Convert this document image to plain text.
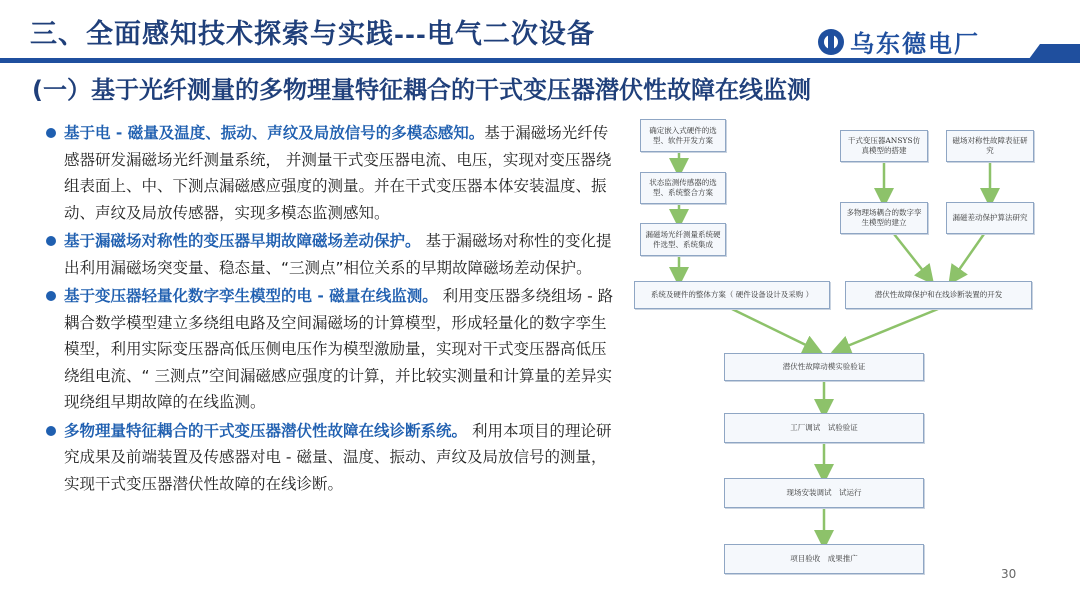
三、全面感知技术探索与实践---电气二次设备	乌东德电厂
(一）基于光纤测量的多物理量特征耦合的干式变压器潜伏性故障在线监测
基于电 - 磁量及温度、振动、声纹及局放信号的多模态感知。基于漏磁场光纤传感器研发漏磁场光纤测量系统， 并测量干式变压器电流、电压，实现对变压器绕组表面上、中、下测点漏磁感应强度的测量。并在干式变压器本体安装温度、振动、声纹及局放传感器，实现多模态监测感知。
基于漏磁场对称性的变压器早期故障磁场差动保护。 基于漏磁场对称性的变化提出利用漏磁场突变量、稳态量、“三测点”相位关系的早期故障磁场差动保护。
基于变压器轻量化数字孪生模型的电 - 磁量在线监测。 利用变压器多绕组场 - 路耦合数学模型建立多绕组电路及空间漏磁场的计算模型，形成轻量化的数字孪生模型，利用实际变压器高低压侧电压作为模型激励量，实现对干式变压器高低压绕组电流、“ 三测点”空间漏磁感应强度的计算，并比较实测量和计算量的差异实现绕组早期故障的在线监测。
多物理量特征耦合的干式变压器潜伏性故障在线诊断系统。 利用本项目的理论研究成果及前端装置及传感器对电 - 磁量、温度、振动、声纹及局放信号的测量，实现干式变压器潜伏性故障的在线诊断。
确定嵌入式硬件的选型、软件开发方案
状态监测传感器的选型、系统整合方案
漏磁场光纤测量系统硬件选型、系统集成
干式变压器ANSYS仿真模型的搭建
磁场对称性故障表征研究
多物理场耦合的数字孪生模型的建立
漏磁差动保护算法研究
系统及硬件的整体方案（ 硬件设备设计及采购 ）	潜伏性故障保护和在线诊断装置的开发
潜伏性故障动模实验验证
工厂调试　试验验证
现场安装调试　试运行
项目验收　成果推广
30
